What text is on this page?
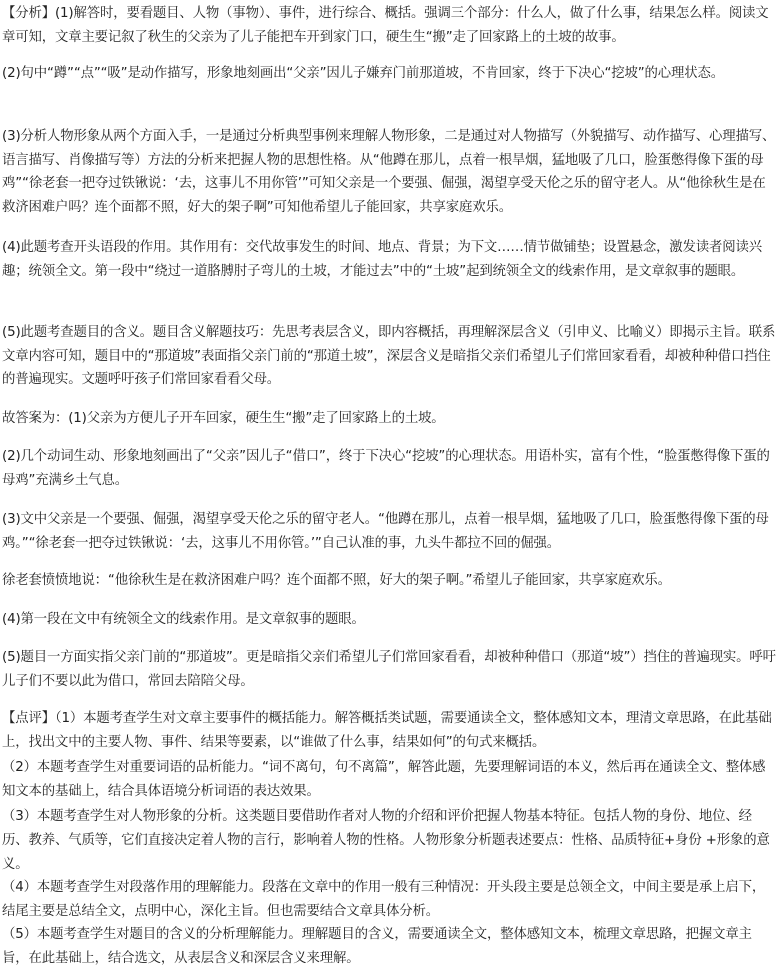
【分析】(1)解答时，要看题目、人物（事物）、事件，进行综合、概括。强调三个部分：什么人，做了什么事，结果怎么样。阅读文章可知，文章主要记叙了秋生的父亲为了儿子能把车开到家门口，硬生生“搬”走了回家路上的土坡的故事。

(2)句中“蹲”“点”“吸”是动作描写，形象地刻画出“父亲”因儿子嫌弃门前那道坡，不肯回家，终于下决心“挖坡”的心理状态。

(3)分析人物形象从两个方面入手，一是通过分析典型事例来理解人物形象，二是通过对人物描写（外貌描写、动作描写、心理描写、语言描写、肖像描写等）方法的分析来把握人物的思想性格。从“他蹲在那儿，点着一根旱烟，猛地吸了几口，脸蛋憋得像下蛋的母鸡”“徐老套一把夺过铁锹说：‘去，这事儿不用你管’”可知父亲是一个要强、倔强，渴望享受天伦之乐的留守老人。从“他徐秋生是在救济困难户吗？连个面都不照，好大的架子啊”可知他希望儿子能回家，共享家庭欢乐。

(4)此题考查开头语段的作用。其作用有：交代故事发生的时间、地点、背景；为下文……情节做铺垫；设置悬念，激发读者阅读兴趣；统领全文。第一段中“绕过一道胳膊肘子弯儿的土坡，才能过去”中的“土坡”起到统领全文的线索作用，是文章叙事的题眼。

(5)此题考查题目的含义。题目含义解题技巧：先思考表层含义，即内容概括，再理解深层含义（引申义、比喻义）即揭示主旨。联系文章内容可知，题目中的“那道坡”表面指父亲门前的“那道土坡”，深层含义是暗指父亲们希望儿子们常回家看看，却被种种借口挡住的普遍现实。文题呼吁孩子们常回家看看父母。

故答案为：(1)父亲为方便儿子开车回家，硬生生“搬”走了回家路上的土坡。

(2)几个动词生动、形象地刻画出了“父亲”因儿子“借口”，终于下决心“挖坡”的心理状态。用语朴实，富有个性，“脸蛋憋得像下蛋的母鸡”充满乡土气息。

(3)文中父亲是一个要强、倔强，渴望享受天伦之乐的留守老人。“他蹲在那儿，点着一根旱烟，猛地吸了几口，脸蛋憋得像下蛋的母鸡。”“徐老套一把夺过铁锹说：‘去，这事儿不用你管。’”自己认准的事，九头牛都拉不回的倔强。

徐老套愤愤地说：“他徐秋生是在救济困难户吗？连个面都不照，好大的架子啊。”希望儿子能回家，共享家庭欢乐。

(4)第一段在文中有统领全文的线索作用。是文章叙事的题眼。

(5)题目一方面实指父亲门前的“那道坡”。更是暗指父亲们希望儿子们常回家看看，却被种种借口（那道“坡”）挡住的普遍现实。呼吁儿子们不要以此为借口，常回去陪陪父母。

【点评】（1）本题考查学生对文章主要事件的概括能力。解答概括类试题，需要通读全文，整体感知文本，理清文章思路，在此基础上，找出文中的主要人物、事件、结果等要素，以“谁做了什么事，结果如何”的句式来概括。

（2）本题考查学生对重要词语的品析能力。“词不离句，句不离篇”，解答此题，先要理解词语的本义，然后再在通读全文、整体感知文本的基础上，结合具体语境分析词语的表达效果。

（3）本题考查学生对人物形象的分析。这类题目要借助作者对人物的介绍和评价把握人物基本特征。包括人物的身份、地位、经历、教养、气质等，它们直接决定着人物的言行，影响着人物的性格。人物形象分析题表述要点：性格、品质特征+身份 +形象的意义。

（4）本题考查学生对段落作用的理解能力。段落在文章中的作用一般有三种情况：开头段主要是总领全文，中间主要是承上启下，结尾主要是总结全文，点明中心，深化主旨。但也需要结合文章具体分析。

（5）本题考查学生对题目的含义的分析理解能力。理解题目的含义，需要通读全文，整体感知文本，梳理文章思路，把握文章主旨，在此基础上，结合选文，从表层含义和深层含义来理解。
